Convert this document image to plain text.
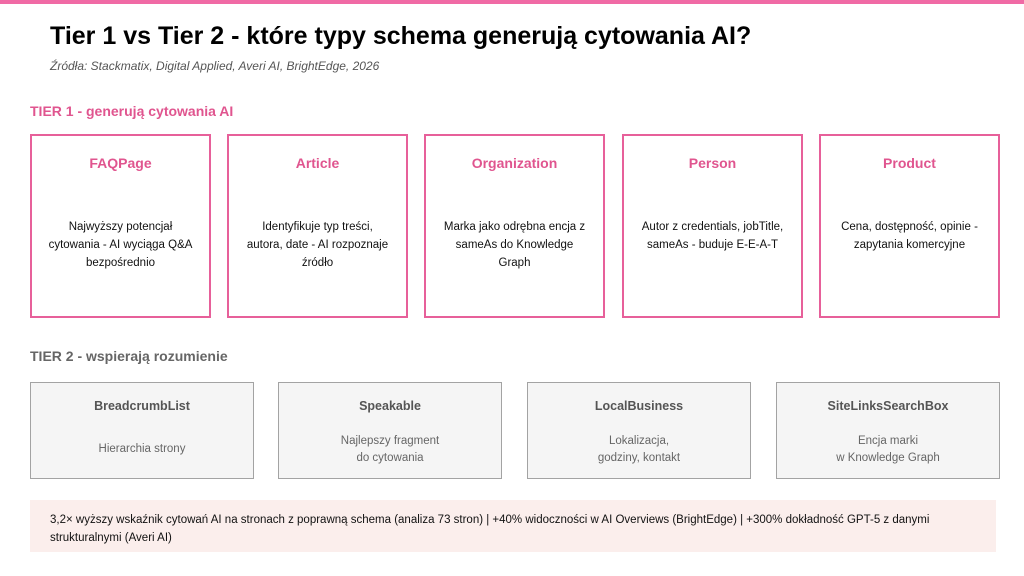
Tier 1 vs Tier 2 - które typy schema generują cytowania AI?
Źródła: Stackmatix, Digital Applied, Averi AI, BrightEdge, 2026
TIER 1 - generują cytowania AI
FAQPage
Najwyższy potencjał cytowania - AI wyciąga Q&A bezpośrednio
Article
Identyfikuje typ treści, autora, date - AI rozpoznaje źródło
Organization
Marka jako odrębna encja z sameAs do Knowledge Graph
Person
Autor z credentials, jobTitle, sameAs - buduje E-E-A-T
Product
Cena, dostępność, opinie - zapytania komercyjne
TIER 2 - wspierają rozumienie
BreadcrumbList
Hierarchia strony
Speakable
Najlepszy fragment
do cytowania
LocalBusiness
Lokalizacja,
godziny, kontakt
SiteLinksSearchBox
Encja marki
w Knowledge Graph
3,2× wyższy wskaźnik cytowań AI na stronach z poprawną schema (analiza 73 stron) | +40% widoczności w AI Overviews (BrightEdge) | +300% dokładność GPT-5 z danymi strukturalnymi (Averi AI)
